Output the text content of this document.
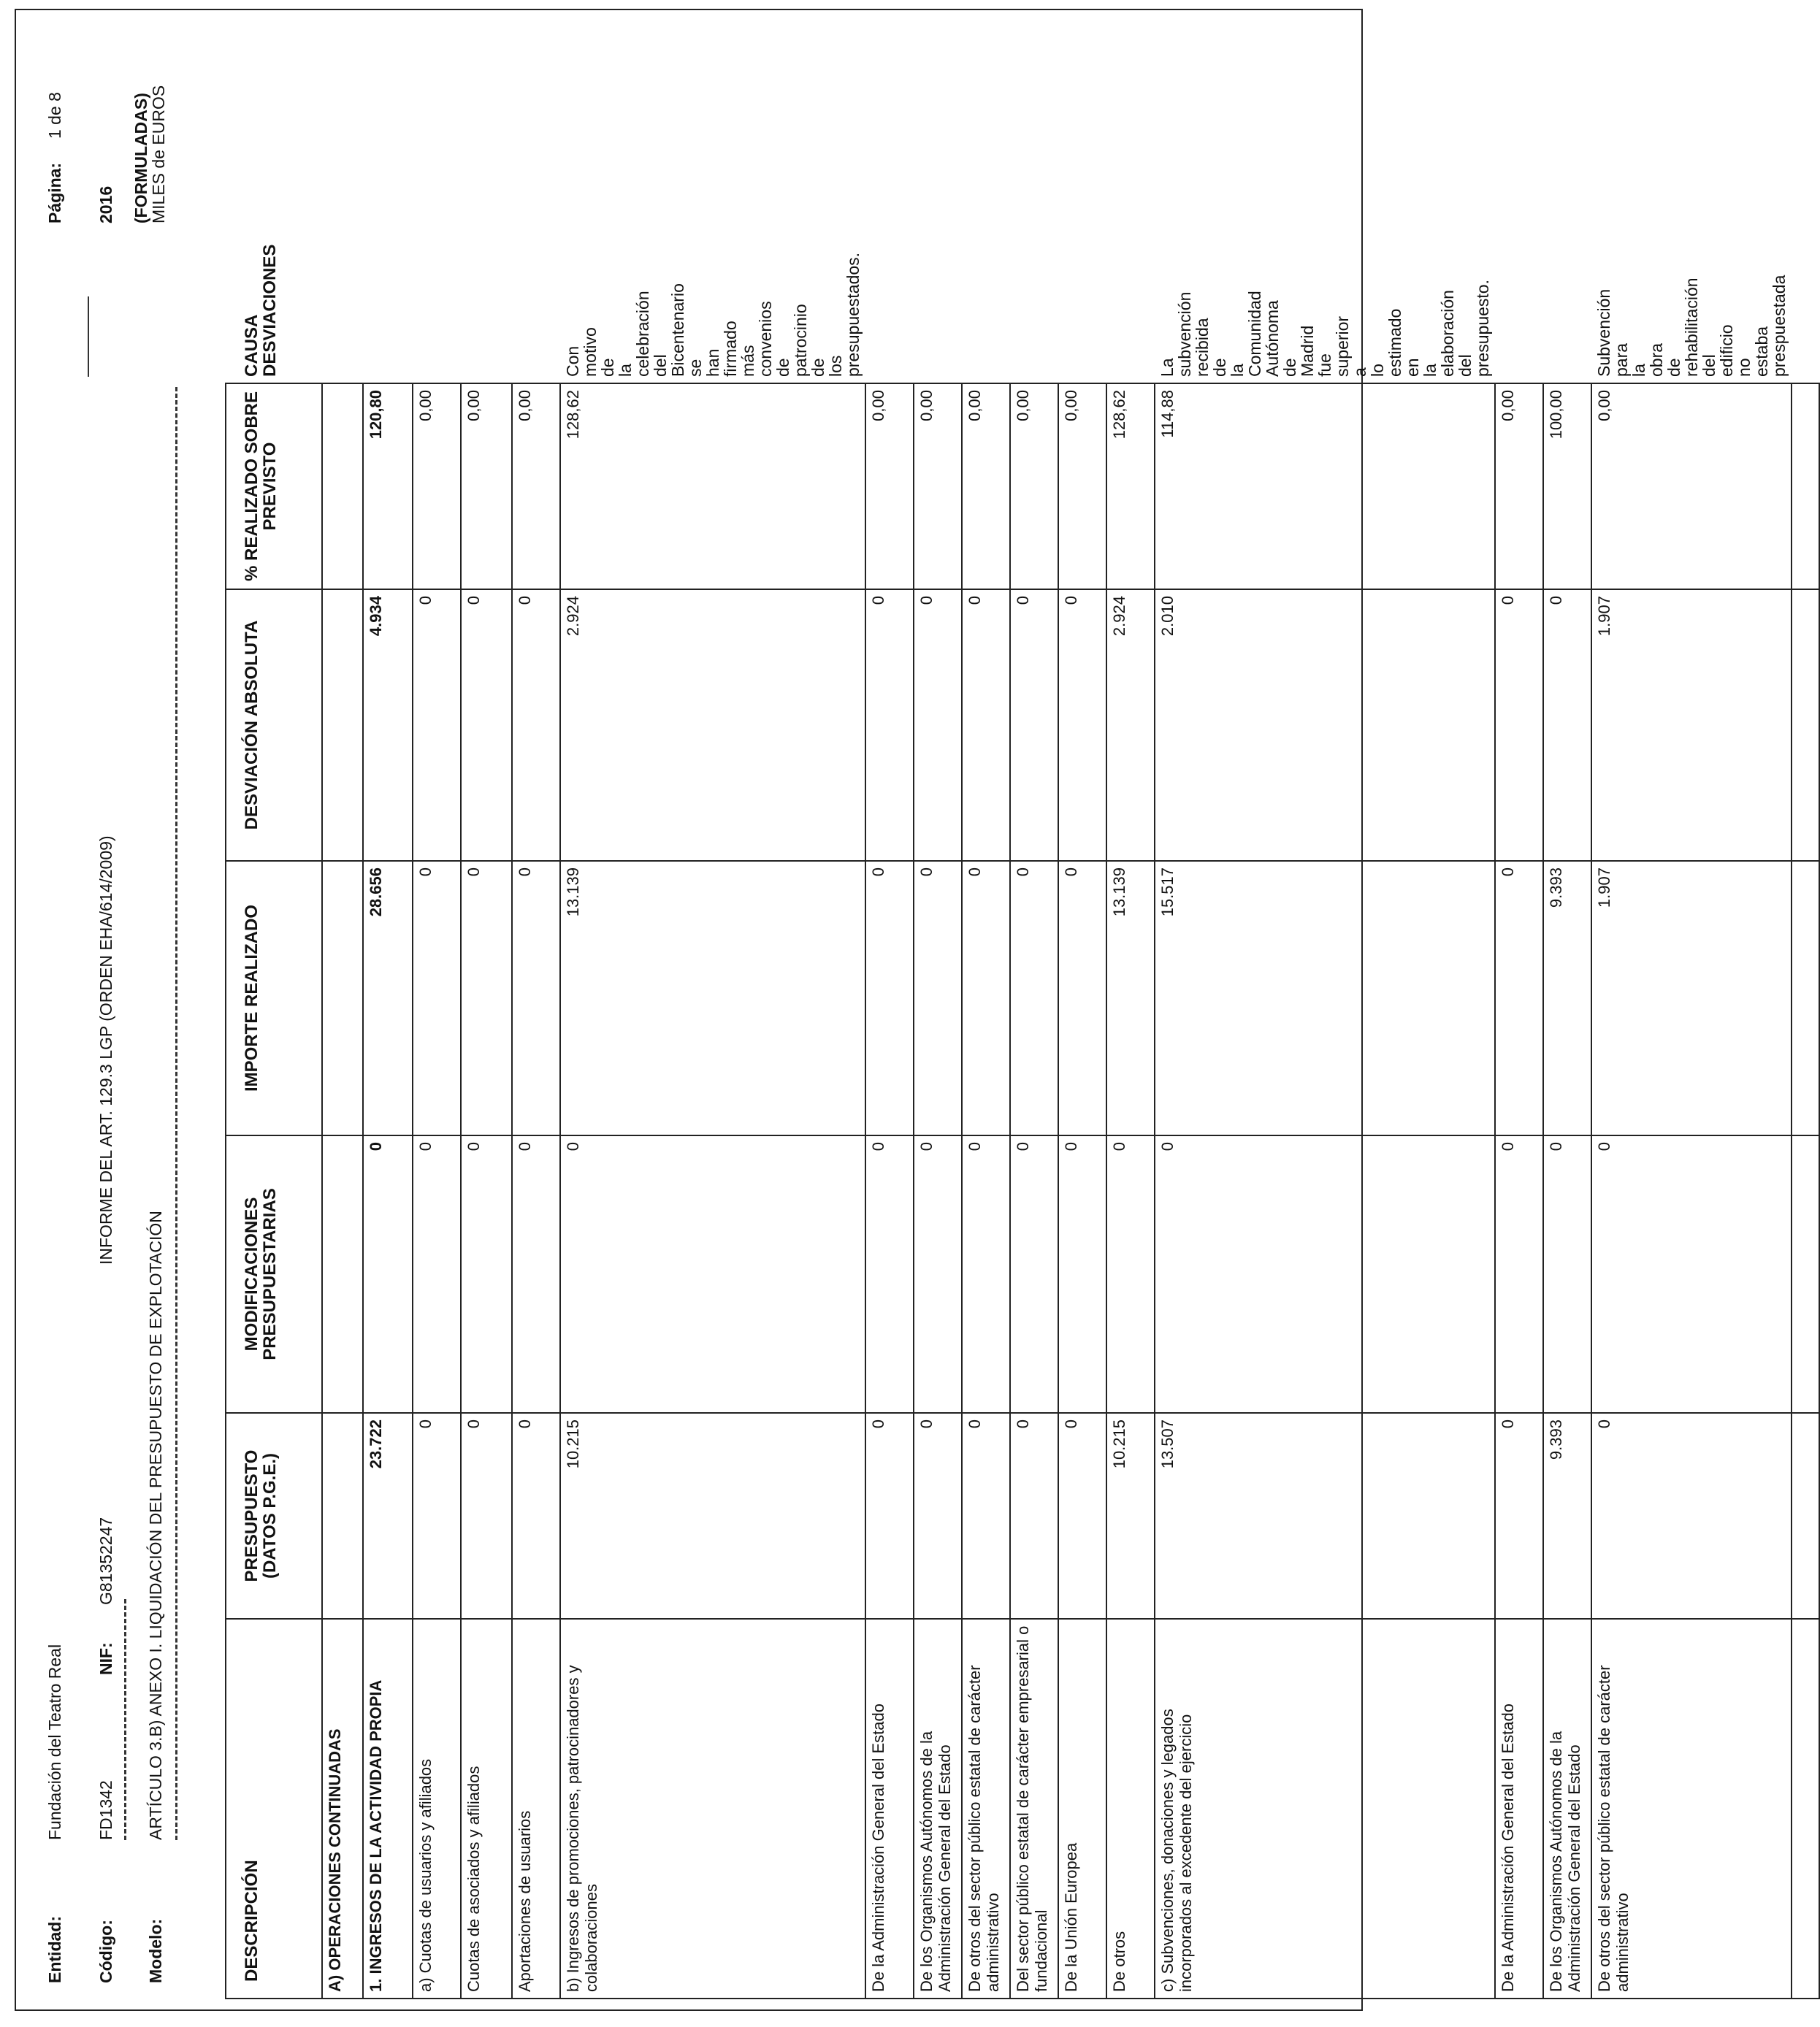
Entidad:
Fundación del Teatro Real
Código:
FD1342
NIF:
G81352247
INFORME DEL ART. 129.3 LGP (ORDEN EHA/614/2009)
Modelo:
ARTÍCULO 3.B) ANEXO I. LIQUIDACIÓN DEL PRESUPUESTO DE EXPLOTACIÓN
Página:
1 de 8
2016 (FORMULADAS)
MILES de EUROS
DESCRIPCIÓN	PRESUPUESTO (DATOS P.G.E.)	MODIFICACIONES PRESUPUESTARIAS	IMPORTE REALIZADO	DESVIACIÓN ABSOLUTA	% REALIZADO SOBRE PREVISTO	CAUSA DESVIACIONES
A) OPERACIONES CONTINUADAS						
1. INGRESOS DE LA ACTIVIDAD PROPIA	23.722	0	28.656	4.934	120,80	
a) Cuotas de usuarios y afiliados	0	0	0	0	0,00	
Cuotas de asociados y afiliados	0	0	0	0	0,00	
Aportaciones de usuarios	0	0	0	0	0,00	
b) Ingresos de promociones, patrocinadores y colaboraciones	10.215	0	13.139	2.924	128,62	Con motivo de la celebración del Bicentenario se han firmado más convenios de patrocinio de los presupuestados.
De la Administración General del Estado	0	0	0	0	0,00	
De los Organismos Autónomos de la Administración General del Estado	0	0	0	0	0,00	
De otros del sector público estatal de carácter administrativo	0	0	0	0	0,00	
Del sector público estatal de carácter empresarial o fundacional	0	0	0	0	0,00	
De la Unión Europea	0	0	0	0	0,00	
De otros	10.215	0	13.139	2.924	128,62	
c) Subvenciones, donaciones y legados incorporados al excedente del ejercicio	13.507	0	15.517	2.010	114,88	La subvención recibida de la Comunidad Autónoma de Madrid fue superior a lo estimado en la elaboración del presupuesto.
De la Administración General del Estado	0	0	0	0	0,00	
De los Organismos Autónomos de la Administración General del Estado	9.393	0	9.393	0	100,00	
De otros del sector público estatal de carácter administrativo	0	0	1.907	1.907	0,00	Subvención para la obra de rehabilitación del edificio no estaba prespuestada
